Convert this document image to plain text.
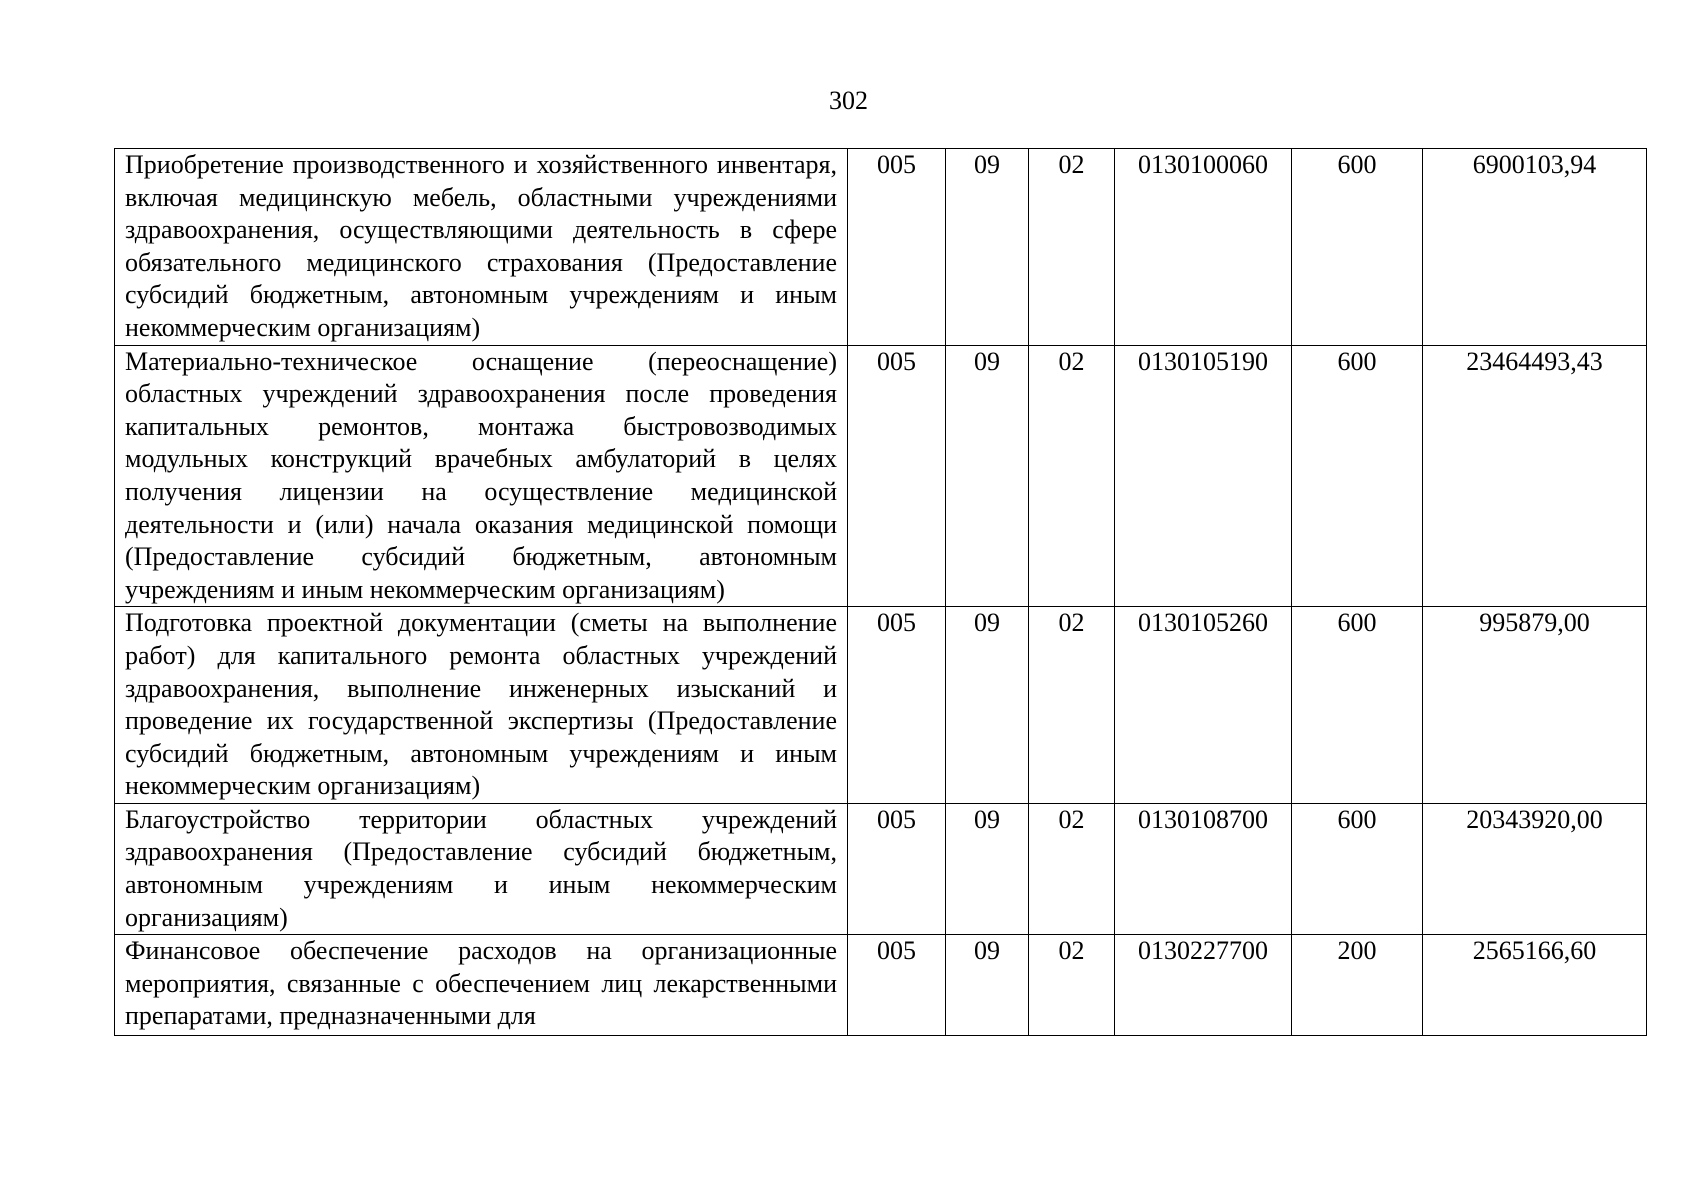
302
Приобретение производственного и хозяйственного инвентаря, включая медицинскую мебель, областными учреждениями здравоохранения, осуществляющими деятельность в сфере обязательного медицинского страхования (Предоставление субсидий бюджетным, автономным учреждениям и иным некоммерческим организациям)	005	09	02	0130100060	600	6900103,94
Материально-техническое оснащение (переоснащение) областных учреждений здравоохранения после проведения капитальных ремонтов, монтажа быстровозводимых модульных конструкций врачебных амбулаторий в целях получения лицензии на осуществление медицинской деятельности и (или) начала оказания медицинской помощи (Предоставление субсидий бюджетным, автономным учреждениям и иным некоммерческим организациям)	005	09	02	0130105190	600	23464493,43
Подготовка проектной документации (сметы на выполнение работ) для капитального ремонта областных учреждений здравоохранения, выполнение инженерных изысканий и проведение их государственной экспертизы (Предоставление субсидий бюджетным, автономным учреждениям и иным некоммерческим организациям)	005	09	02	0130105260	600	995879,00
Благоустройство территории областных учреждений здравоохранения (Предоставление субсидий бюджетным, автономным учреждениям и иным некоммерческим организациям)	005	09	02	0130108700	600	20343920,00

Финансовое обеспечение расходов на организационные мероприятия, связанные с обеспечением лиц лекарственными препаратами, предназначенными для	005	09	02	0130227700	200	2565166,60
